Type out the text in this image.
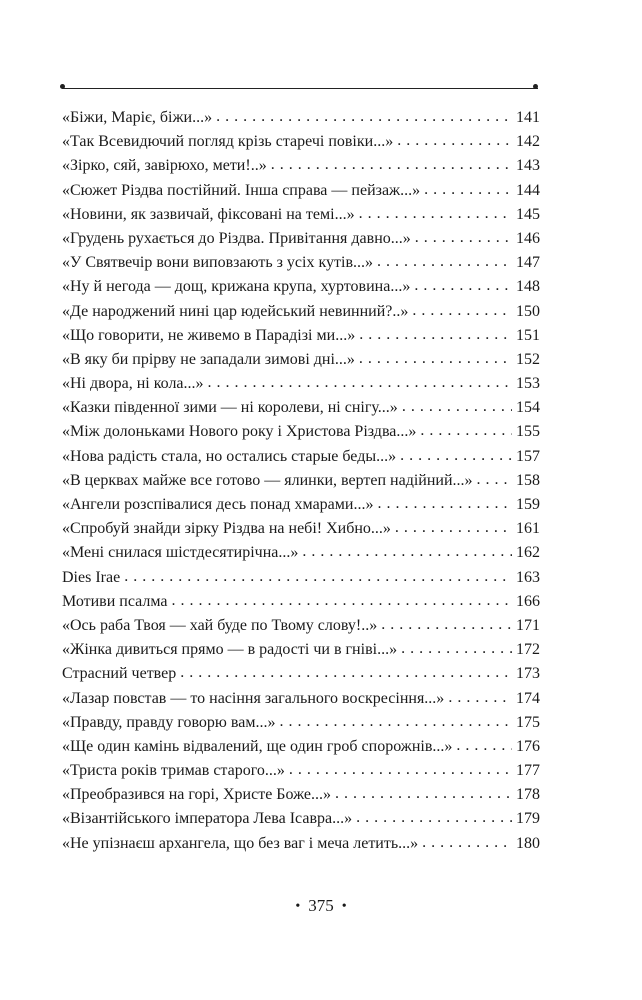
«Біжи, Маріє, біжи...» . . .	141
«Так Всевидючий погляд крізь старечі повіки...» . . .	142
«Зірко, сяй, завірюхо, мети!..» . . .	143
«Сюжет Різдва постійний. Інша справа — пейзаж...» . . .	144
«Новини, як зазвичай, фіксовані на темі...» . . .	145
«Грудень рухається до Різдва. Привітання давно...» . . .	146
«У Святвечір вони виповзають з усіх кутів...» . . .	147
«Ну й негода — дощ, крижана крупа, хуртовина...» . . .	148
«Де народжений нині цар юдейський невинний?..» . . .	150
«Що говорити, не живемо в Парадізі ми...» . . .	151
«В яку би прірву не западали зимові дні...» . . .	152
«Ні двора, ні кола...» . . .	153
«Казки південної зими — ні королеви, ні снігу...» . . .	154
«Між долоньками Нового року і Христова Різдва...» . . .	155
«Нова радість стала, но остались старые беды...» . . .	157
«В церквах майже все готово — ялинки, вертеп надійний...» . . .	158
«Ангели розспівалися десь понад хмарами...» . . .	159
«Спробуй знайди зірку Різдва на небі! Хибно...» . . .	161
«Мені снилася шістдесятирічна...» . . .	162
Dies Irae . . .	163
Мотиви псалма . . .	166
«Ось раба Твоя — хай буде по Твому слову!..» . . .	171
«Жінка дивиться прямо — в радості чи в гніві...» . . .	172
Страсний четвер . . .	173
«Лазар повстав — то насіння загального воскресіння...» . . .	174
«Правду, правду говорю вам...» . . .	175
«Ще один камінь відвалений, ще один гроб спорожнів...» . . .	176
«Триста років тримав старого...» . . .	177
«Преобразився на горі, Христе Боже...» . . .	178
«Візантійського імператора Лева Ісавра...» . . .	179
«Не упізнаєш архангела, що без ваг і меча летить...» . . .	180
• 375 •
